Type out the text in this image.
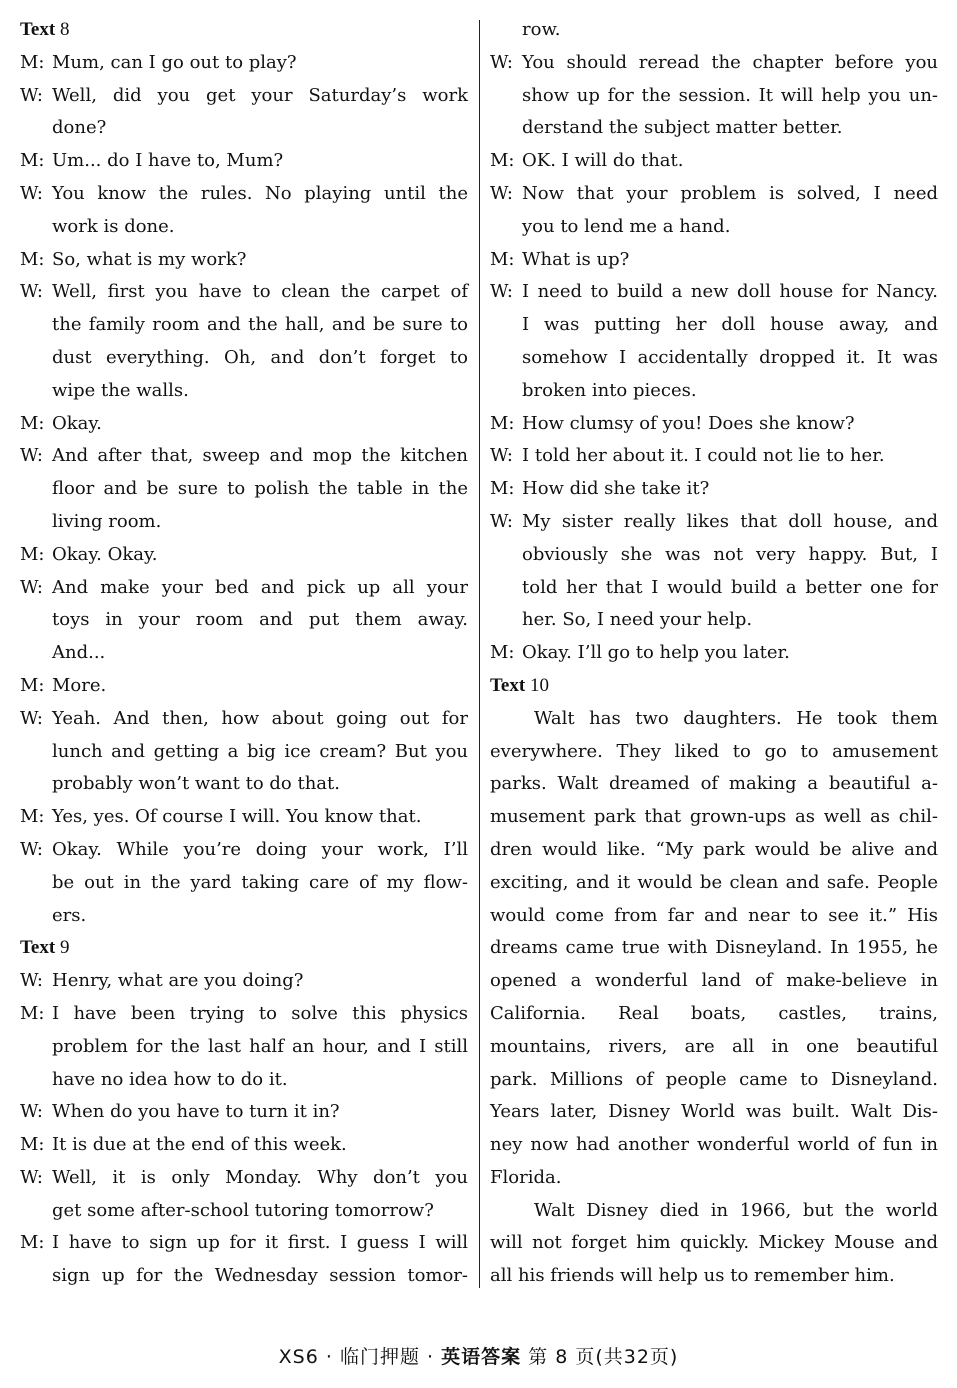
Text 8
M: Mum, can I go out to play?
W: Well, did you get your Saturday’s work
done?
M: Um... do I have to, Mum?
W: You know the rules. No playing until the
work is done.
M: So, what is my work?
W: Well, first you have to clean the carpet of
the family room and the hall, and be sure to
dust everything. Oh, and don’t forget to
wipe the walls.
M: Okay.
W: And after that, sweep and mop the kitchen
floor and be sure to polish the table in the
living room.
M: Okay. Okay.
W: And make your bed and pick up all your
toys in your room and put them away.
And...
M: More.
W: Yeah. And then, how about going out for
lunch and getting a big ice cream? But you
probably won’t want to do that.
M: Yes, yes. Of course I will. You know that.
W: Okay. While you’re doing your work, I’ll
be out in the yard taking care of my flow-
ers.
Text 9
W: Henry, what are you doing?
M: I have been trying to solve this physics
problem for the last half an hour, and I still
have no idea how to do it.
W: When do you have to turn it in?
M: It is due at the end of this week.
W: Well, it is only Monday. Why don’t you
get some after-school tutoring tomorrow?
M: I have to sign up for it first. I guess I will
sign up for the Wednesday session tomor-
row.
W: You should reread the chapter before you
show up for the session. It will help you un-
derstand the subject matter better.
M: OK. I will do that.
W: Now that your problem is solved, I need
you to lend me a hand.
M: What is up?
W: I need to build a new doll house for Nancy.
I was putting her doll house away, and
somehow I accidentally dropped it. It was
broken into pieces.
M: How clumsy of you! Does she know?
W: I told her about it. I could not lie to her.
M: How did she take it?
W: My sister really likes that doll house, and
obviously she was not very happy. But, I
told her that I would build a better one for
her. So, I need your help.
M: Okay. I’ll go to help you later.
Text 10
Walt has two daughters. He took them
everywhere. They liked to go to amusement
parks. Walt dreamed of making a beautiful a-
musement park that grown-ups as well as chil-
dren would like. “My park would be alive and
exciting, and it would be clean and safe. People
would come from far and near to see it.” His
dreams came true with Disneyland. In 1955, he
opened a wonderful land of make-believe in
California. Real boats, castles, trains,
mountains, rivers, are all in one beautiful
park. Millions of people came to Disneyland.
Years later, Disney World was built. Walt Dis-
ney now had another wonderful world of fun in
Florida.
Walt Disney died in 1966, but the world
will not forget him quickly. Mickey Mouse and
all his friends will help us to remember him.
XS6 · 临门押题 · 英语答案 第 8 页(共32页)
